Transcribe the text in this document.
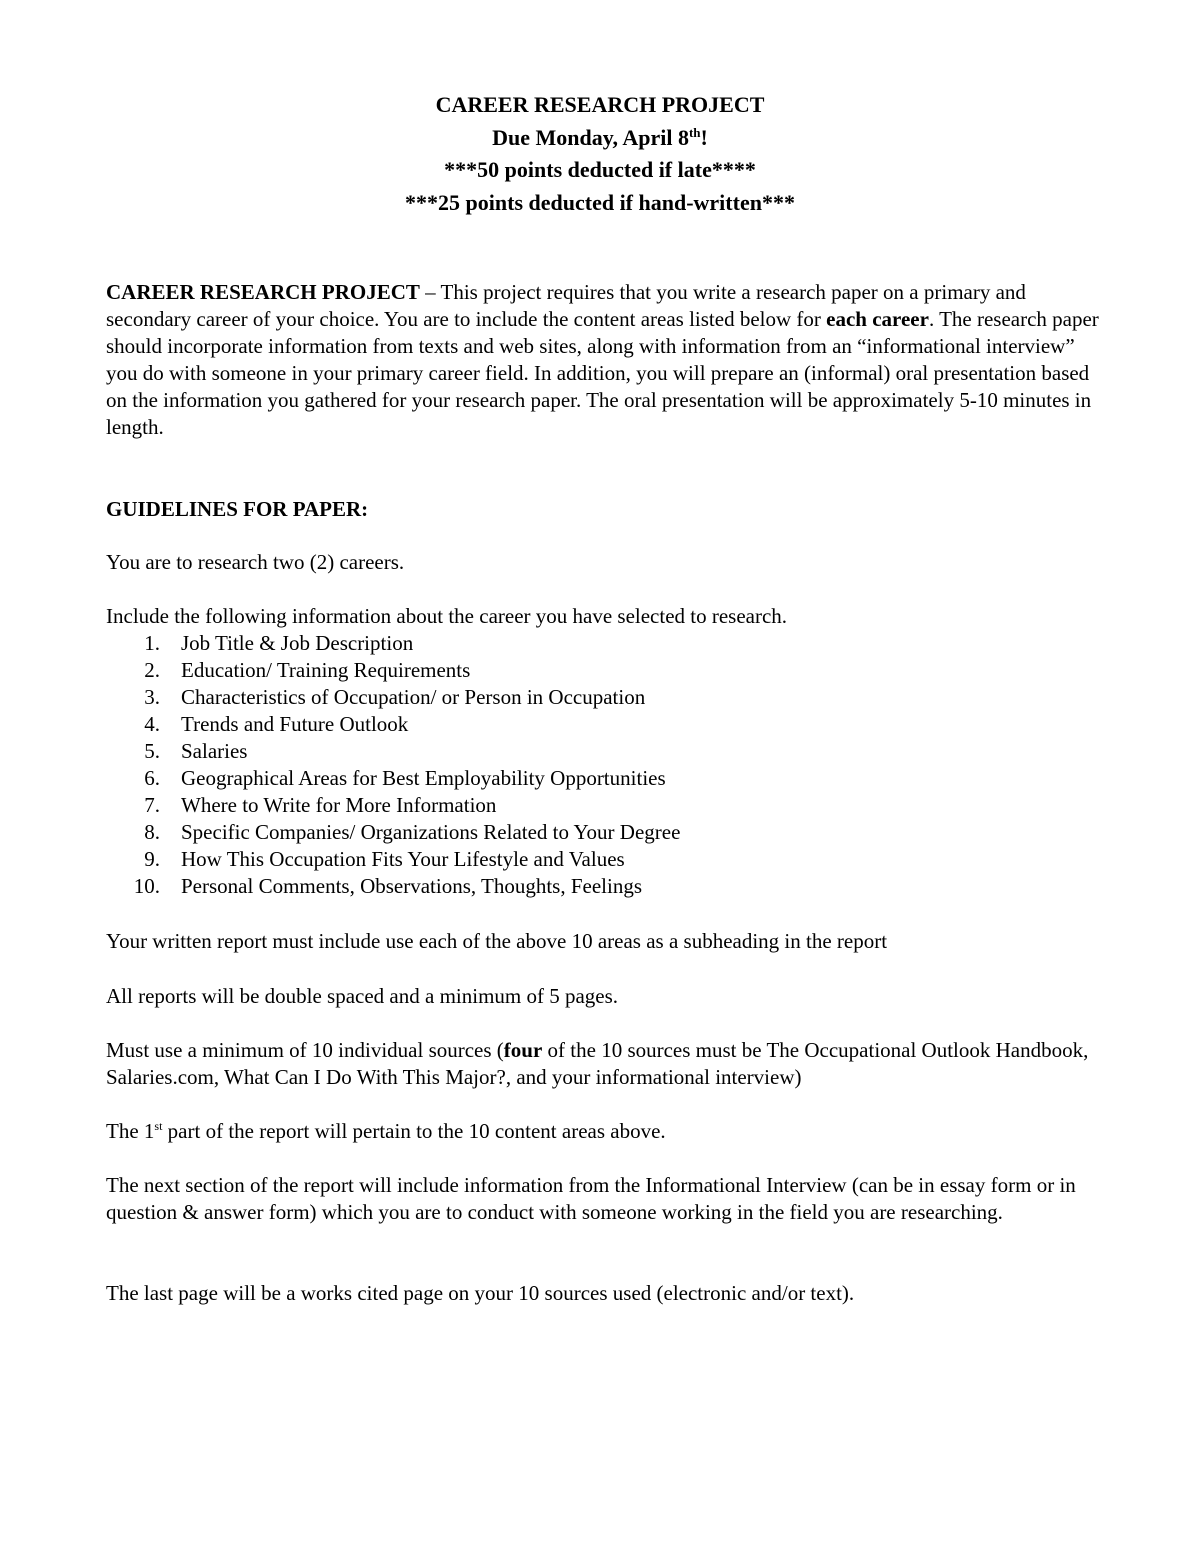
CAREER RESEARCH PROJECT
Due Monday, April 8th!
***50 points deducted if late****
***25 points deducted if hand-written***

CAREER RESEARCH PROJECT – This project requires that you write a research paper on a primary and secondary career of your choice. You are to include the content areas listed below for each career. The research paper should incorporate information from texts and web sites, along with information from an “informational interview” you do with someone in your primary career field. In addition, you will prepare an (informal) oral presentation based on the information you gathered for your research paper. The oral presentation will be approximately 5-10 minutes in length.

GUIDELINES FOR PAPER:

You are to research two (2) careers.

Include the following information about the career you have selected to research.

1. Job Title & Job Description
2. Education/ Training Requirements
3. Characteristics of Occupation/ or Person in Occupation
4. Trends and Future Outlook
5. Salaries
6. Geographical Areas for Best Employability Opportunities
7. Where to Write for More Information
8. Specific Companies/ Organizations Related to Your Degree
9. How This Occupation Fits Your Lifestyle and Values
10. Personal Comments, Observations, Thoughts, Feelings

Your written report must include use each of the above 10 areas as a subheading in the report

All reports will be double spaced and a minimum of 5 pages.

Must use a minimum of 10 individual sources (four of the 10 sources must be The Occupational Outlook Handbook, Salaries.com, What Can I Do With This Major?, and your informational interview)

The 1st part of the report will pertain to the 10 content areas above.

The next section of the report will include information from the Informational Interview (can be in essay form or in question & answer form) which you are to conduct with someone working in the field you are researching.

The last page will be a works cited page on your 10 sources used (electronic and/or text).
